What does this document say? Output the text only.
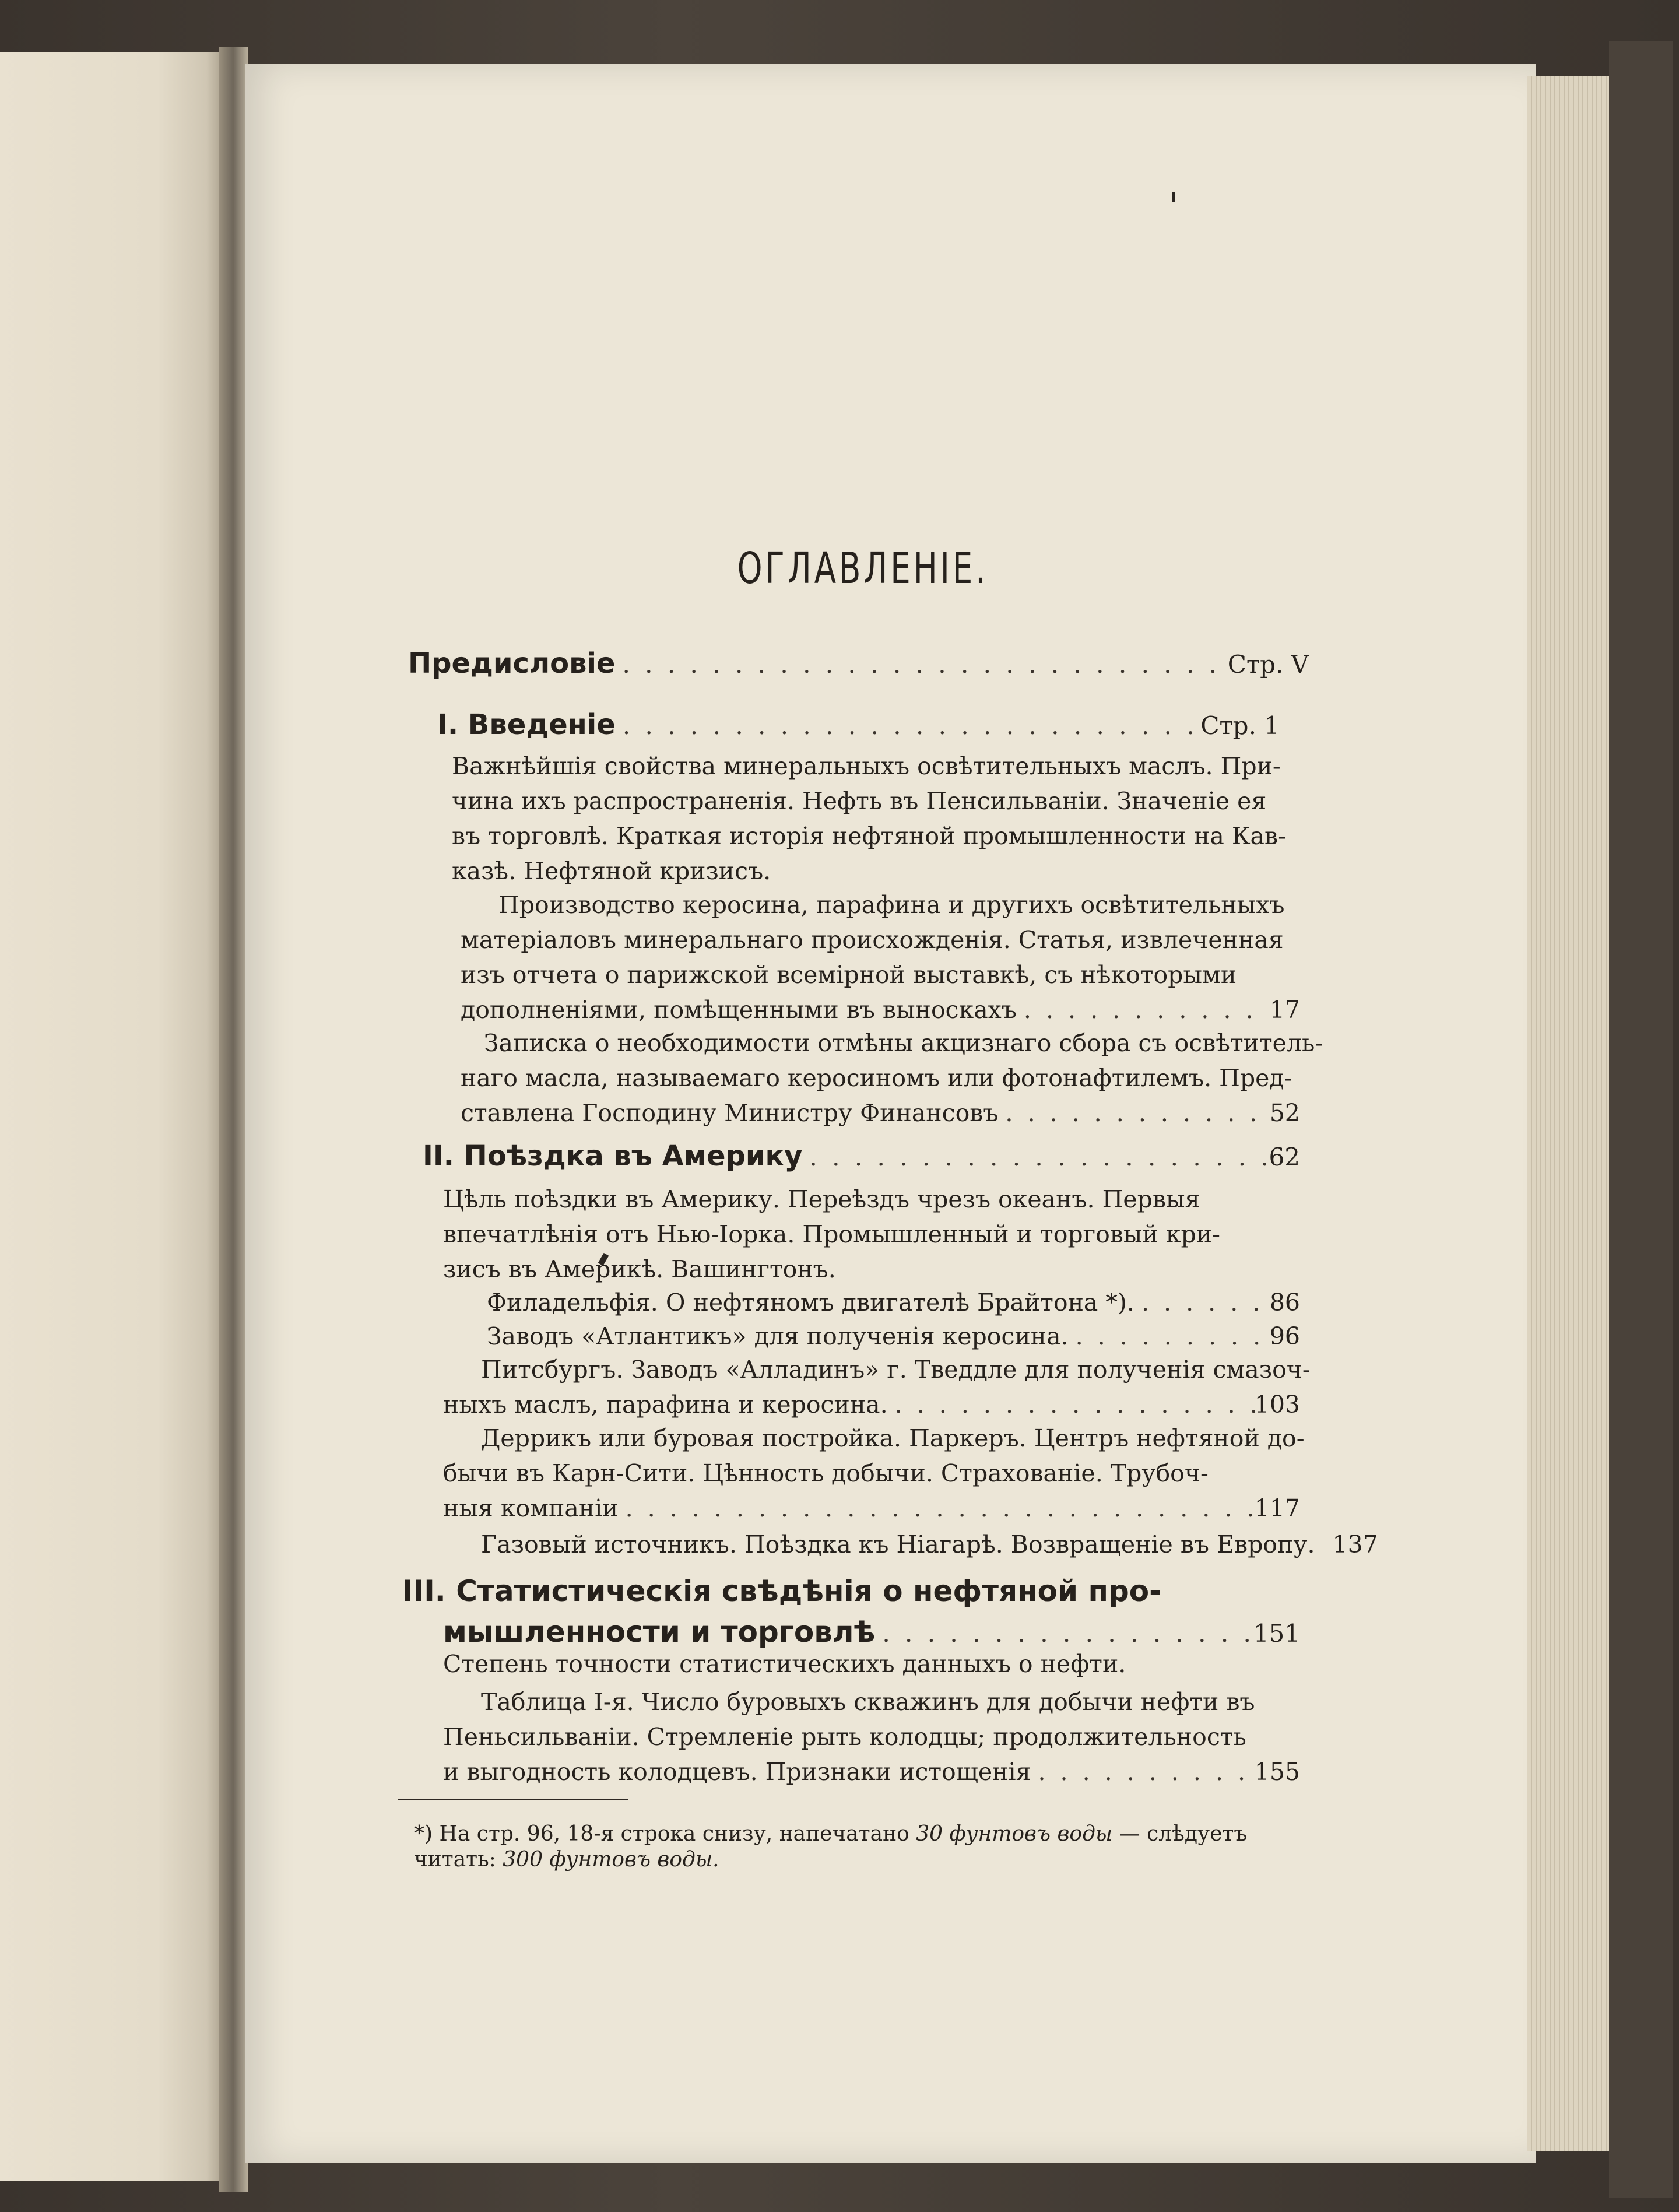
ОГЛАВЛЕНІЕ.
Предисловіе . . .	Стр. V
I. Введеніе . . .	Стр. 1
Важнѣйшія свойства минеральныхъ освѣтительныхъ маслъ. При-
чина ихъ распространенія. Нефть въ Пенсильваніи. Значеніе ея
въ торговлѣ. Краткая исторія нефтяной промышленности на Кав-
казѣ. Нефтяной кризисъ.
Производство керосина, парафина и другихъ освѣтительныхъ
матеріаловъ минеральнаго происхожденія. Статья, извлеченная
изъ отчета о парижской всемірной выставкѣ, съ нѣкоторыми
дополненіями, помѣщенными въ выноскахъ . . .	17
Записка о необходимости отмѣны акцизнаго сбора съ освѣтитель-
наго масла, называемаго керосиномъ или фотонафтилемъ. Пред-
ставлена Господину Министру Финансовъ . . .	52
II. Поѣздка въ Америку . . .	62
Цѣль поѣздки въ Америку. Переѣздъ чрезъ океанъ. Первыя
впечатлѣнія отъ Нью-Іорка. Промышленный и торговый кри-
зисъ въ Америкѣ. Вашингтонъ.
Филадельфія. О нефтяномъ двигателѣ Брайтона *). . . .	86
Заводъ «Атлантикъ» для полученія керосина. . . .	96
Питсбургъ. Заводъ «Алладинъ» г. Тведдле для полученія смазоч-
ныхъ маслъ, парафина и керосина. . . .	103
Деррикъ или буровая постройка. Паркеръ. Центръ нефтяной до-
бычи въ Карн-Сити. Цѣнность добычи. Страхованіе. Трубоч-
ныя компаніи . . .	117
Газовый источникъ. Поѣздка къ Ніагарѣ. Возвращеніе въ Европу. 137
III. Статистическія свѣдѣнія о нефтяной про-
мышленности и торговлѣ . . .	151
Степень точности статистическихъ данныхъ о нефти.
Таблица I-я. Число буровыхъ скважинъ для добычи нефти въ
Пеньсильваніи. Стремленіе рыть колодцы; продолжительность
и выгодность колодцевъ. Признаки истощенія . . .	155
*) На стр. 96, 18-я строка снизу, напечатано 30 фунтовъ воды — слѣдуетъ
читать: 300 фунтовъ воды.
